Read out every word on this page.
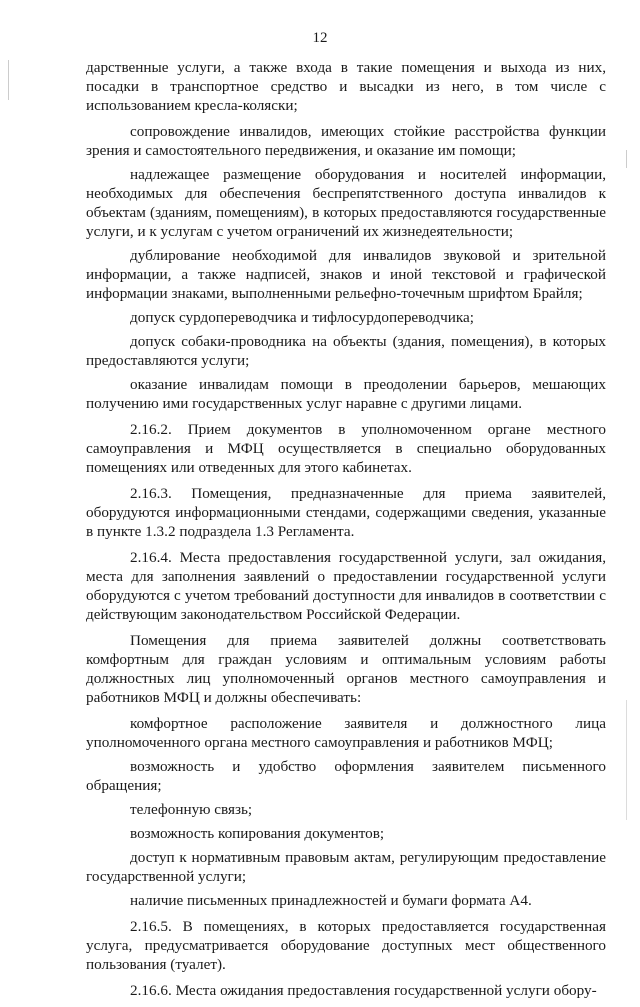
12

дарственные услуги, а также входа в такие помещения и выхода из них, посадки в транспортное средство и высадки из него, в том числе с использованием кресла-коляски;

сопровождение инвалидов, имеющих стойкие расстройства функции зрения и самостоятельного передвижения, и оказание им помощи;

надлежащее размещение оборудования и носителей информации, необходимых для обеспечения беспрепятственного доступа инвалидов к объектам (зданиям, помещениям), в которых предоставляются государственные услуги, и к услугам с учетом ограничений их жизнедеятельности;

дублирование необходимой для инвалидов звуковой и зрительной информации, а также надписей, знаков и иной текстовой и графической информации знаками, выполненными рельефно-точечным шрифтом Брайля;

допуск сурдопереводчика и тифлосурдопереводчика;

допуск собаки-проводника на объекты (здания, помещения), в которых предоставляются услуги;

оказание инвалидам помощи в преодолении барьеров, мешающих получению ими государственных услуг наравне с другими лицами.

2.16.2. Прием документов в уполномоченном органе местного самоуправления и МФЦ осуществляется в специально оборудованных помещениях или отведенных для этого кабинетах.

2.16.3. Помещения, предназначенные для приема заявителей, оборудуются информационными стендами, содержащими сведения, указанные в пункте 1.3.2 подраздела 1.3 Регламента.

2.16.4. Места предоставления государственной услуги, зал ожидания, места для заполнения заявлений о предоставлении государственной услуги оборудуются с учетом требований доступности для инвалидов в соответствии с действующим законодательством Российской Федерации.

Помещения для приема заявителей должны соответствовать комфортным для граждан условиям и оптимальным условиям работы должностных лиц уполномоченный органов местного самоуправления и работников МФЦ и должны обеспечивать:

комфортное расположение заявителя и должностного лица уполномоченного органа местного самоуправления и работников МФЦ;

возможность и удобство оформления заявителем письменного обращения;

телефонную связь;

возможность копирования документов;

доступ к нормативным правовым актам, регулирующим предоставление государственной услуги;

наличие письменных принадлежностей и бумаги формата А4.

2.16.5. В помещениях, в которых предоставляется государственная услуга, предусматривается оборудование доступных мест общественного пользования (туалет).

2.16.6. Места ожидания предоставления государственной услуги обору-
